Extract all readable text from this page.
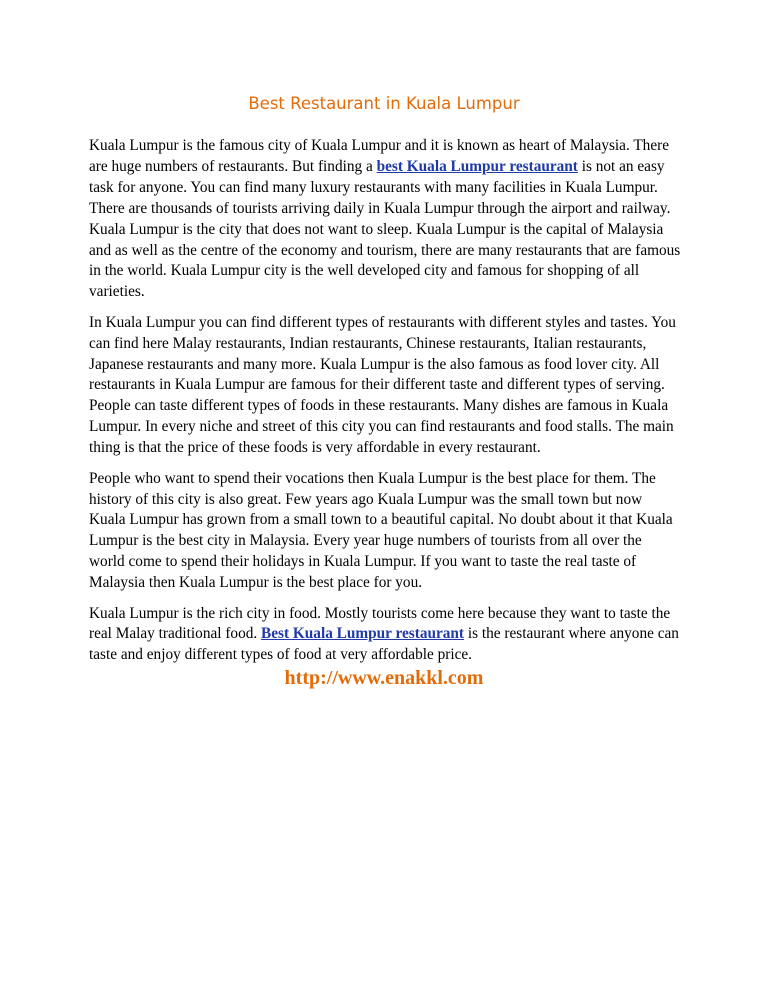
Best Restaurant in Kuala Lumpur

Kuala Lumpur is the famous city of Kuala Lumpur and it is known as heart of Malaysia. There are huge numbers of restaurants. But finding a best Kuala Lumpur restaurant is not an easy task for anyone. You can find many luxury restaurants with many facilities in Kuala Lumpur. There are thousands of tourists arriving daily in Kuala Lumpur through the airport and railway. Kuala Lumpur is the city that does not want to sleep. Kuala Lumpur is the capital of Malaysia and as well as the centre of the economy and tourism, there are many restaurants that are famous in the world. Kuala Lumpur city is the well developed city and famous for shopping of all varieties.

In Kuala Lumpur you can find different types of restaurants with different styles and tastes. You can find here Malay restaurants, Indian restaurants, Chinese restaurants, Italian restaurants, Japanese restaurants and many more. Kuala Lumpur is the also famous as food lover city. All restaurants in Kuala Lumpur are famous for their different taste and different types of serving. People can taste different types of foods in these restaurants. Many dishes are famous in Kuala Lumpur. In every niche and street of this city you can find restaurants and food stalls. The main thing is that the price of these foods is very affordable in every restaurant.

People who want to spend their vocations then Kuala Lumpur is the best place for them. The history of this city is also great. Few years ago Kuala Lumpur was the small town but now Kuala Lumpur has grown from a small town to a beautiful capital. No doubt about it that Kuala Lumpur is the best city in Malaysia. Every year huge numbers of tourists from all over the world come to spend their holidays in Kuala Lumpur. If you want to taste the real taste of Malaysia then Kuala Lumpur is the best place for you.

Kuala Lumpur is the rich city in food. Mostly tourists come here because they want to taste the real Malay traditional food. Best Kuala Lumpur restaurant is the restaurant where anyone can taste and enjoy different types of food at very affordable price.

http://www.enakkl.com
